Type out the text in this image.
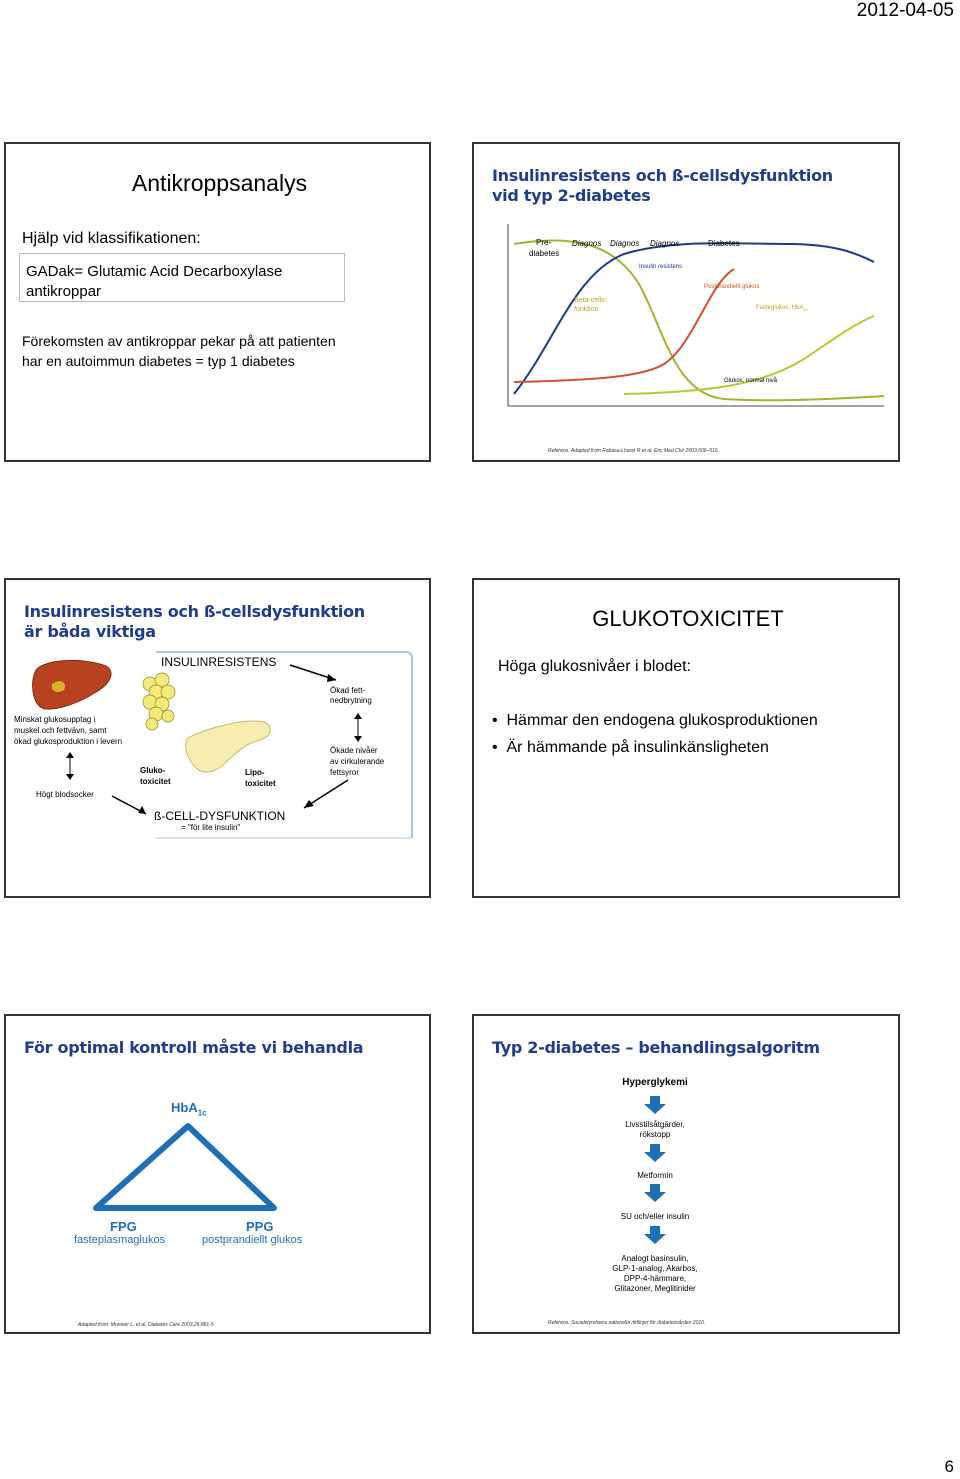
2012-04-05
6
Antikroppsanalys
Hjälp vid klassifikationen:
GADak= Glutamic Acid Decarboxylase
antikroppar
Förekomsten av antikroppar pekar på att patienten
har en autoimmun diabetes = typ 1 diabetes
Insulinresistens och ß-cellsdysfunktion
vid typ 2-diabetes
Pre-
diabetes
Diagnos Diagnos Diagnos	Diabetes
Insulin resistens
Postprandiellt glukos
Beta-cells-
funktion	Fasteglukos, HbA$_{1c}$
Glukos, normal nivå
Referens: Adapted from Rabasa-Lhoret R et al. Enc Med Chir 2003;506–516.
Insulinresistens och ß-cellsdysfunktion
är båda viktiga
INSULINRESISTENS
Ökad fett-
nedbrytning
Minskat glukosupptag i
muskel och fettvävn, samt
ökad glukosproduktion i levern
Gluko-
toxicitet
Lipo-
toxicitet
Ökade nivåer
av cirkulerande
fettsyror
Högt blodsocker
ß-CELL-DYSFUNKTION
= "för lite insulin"
GLUKOTOXICITET
Höga glukosnivåer i blodet:
•  Hämmar den endogena glukosproduktionen
•  Är hämmande på insulinkänsligheten
För optimal kontroll måste vi behandla
HbA$_{1c}$
FPG
fasteplasmaglukos
PPG
postprandiellt glukos
Adapted from: Monnier L. et al. Diabetes Care 2003;26:881-5
Typ 2-diabetes – behandlingsalgoritm
Hyperglykemi
Livsstilsåtgärder,
rökstopp
Metformin
SU och/eller insulin
Analogt basinsulin,
GLP-1-analog, Akarbos,
DPP-4-hämmare,
Glitazoner, Meglitinider
Referens: Socialstyrelsens nationella riktlinjer för diabetesvården 2010.
